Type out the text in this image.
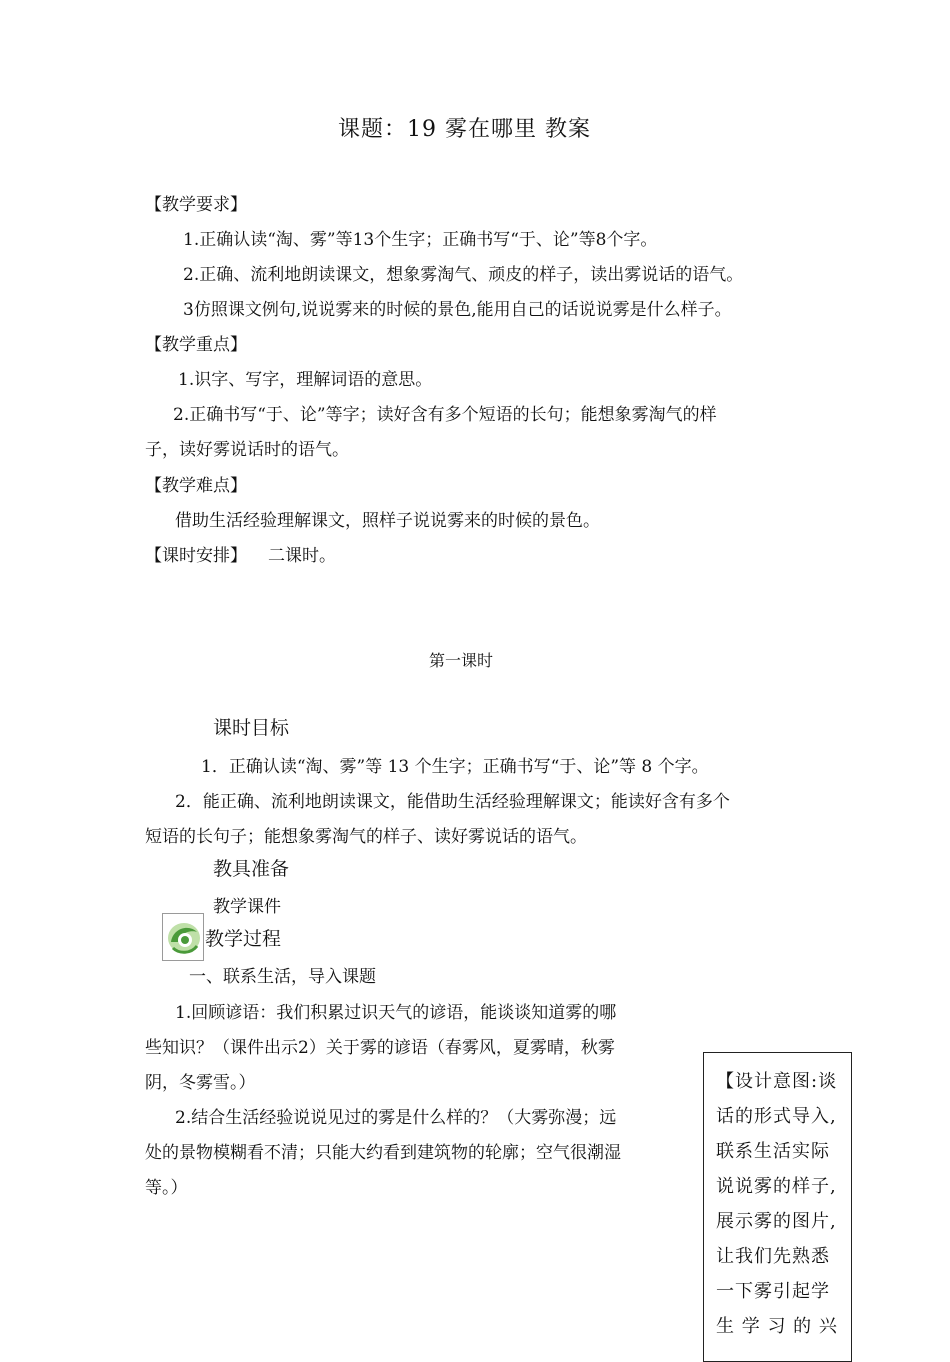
课题：19 雾在哪里 教案
【教学要求】
1.正确认读“淘、雾”等13个生字；正确书写“于、论”等8个字。
2.正确、流利地朗读课文，想象雾淘气、顽皮的样子，读出雾说话的语气。
3仿照课文例句,说说雾来的时候的景色,能用自己的话说说雾是什么样子。
【教学重点】
1.识字、写字，理解词语的意思。
2.正确书写“于、论”等字；读好含有多个短语的长句；能想象雾淘气的样
子，读好雾说话时的语气。
【教学难点】
借助生活经验理解课文，照样子说说雾来的时候的景色。
【课时安排】 二课时。
第一课时
课时目标
1．正确认读“淘、雾”等 13 个生字；正确书写“于、论”等 8 个字。
2．能正确、流利地朗读课文，能借助生活经验理解课文；能读好含有多个
短语的长句子；能想象雾淘气的样子、读好雾说话的语气。
教具准备
教学课件
教学过程
一、联系生活，导入课题
1.回顾谚语：我们积累过识天气的谚语，能谈谈知道雾的哪
些知识？（课件出示2）关于雾的谚语（春雾风，夏雾晴，秋雾
阴，冬雾雪。）
2.结合生活经验说说见过的雾是什么样的？（大雾弥漫；远
处的景物模糊看不清；只能大约看到建筑物的轮廓；空气很潮湿
等。）
【设计意图:谈
话的形式导入,
联系生活实际
说说雾的样子,
展示雾的图片,
让我们先熟悉
一下雾引起学
生 学 习 的 兴
